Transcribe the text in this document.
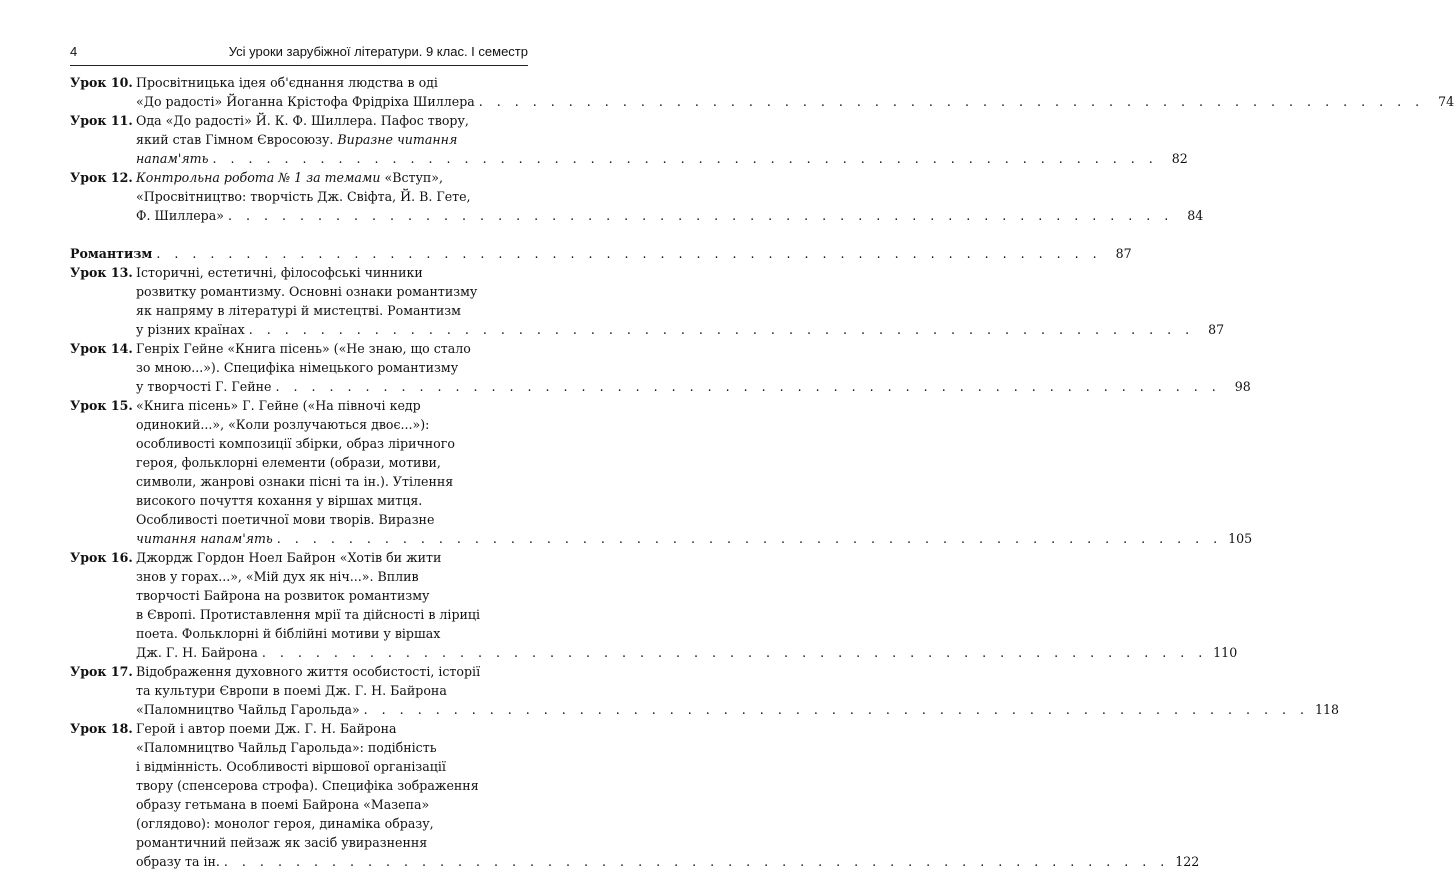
4	Усі уроки зарубіжної літератури. 9 клас. I семестр
Урок 10. Просвітницька ідея об'єднання людства в оді
«До радості» Йоганна Крістофа Фрідріха Шиллера . . . . . . . . . . . . . . . . . . . . . . . . . . . . . . . . . . . . . . . . . . . . . . . . . . . . . 74
Урок 11. Ода «До радості» Й. К. Ф. Шиллера. Пафос твору,
який став Гімном Євросоюзу. Виразне читання
напам'ять . . . . . . . . . . . . . . . . . . . . . . . . . . . . . . . . . . . . . . . . . . . . . . . . . . . . . 82
Урок 12. Контрольна робота № 1 за темами «Вступ»,
«Просвітництво: творчість Дж. Свіфта, Й. В. Гете,
Ф. Шиллера» . . . . . . . . . . . . . . . . . . . . . . . . . . . . . . . . . . . . . . . . . . . . . . . . . . . . . 84
Романтизм . . . . . . . . . . . . . . . . . . . . . . . . . . . . . . . . . . . . . . . . . . . . . . . . . . . . . 87
Урок 13. Історичні, естетичні, філософські чинники
розвитку романтизму. Основні ознаки романтизму
як напряму в літературі й мистецтві. Романтизм
у різних країнах . . . . . . . . . . . . . . . . . . . . . . . . . . . . . . . . . . . . . . . . . . . . . . . . . . . . . 87
Урок 14. Генріх Гейне «Книга пісень» («Не знаю, що стало
зо мною...»). Специфіка німецького романтизму
у творчості Г. Гейне . . . . . . . . . . . . . . . . . . . . . . . . . . . . . . . . . . . . . . . . . . . . . . . . . . . . . 98
Урок 15. «Книга пісень» Г. Гейне («На півночі кедр
одинокий...», «Коли розлучаються двоє...»):
особливості композиції збірки, образ ліричного
героя, фольклорні елементи (образи, мотиви,
символи, жанрові ознаки пісні та ін.). Утілення
високого почуття кохання у віршах митця.
Особливості поетичної мови творів. Виразне
читання напам'ять . . . . . . . . . . . . . . . . . . . . . . . . . . . . . . . . . . . . . . . . . . . . . . . . . . . . . 105
Урок 16. Джордж Гордон Ноел Байрон «Хотів би жити
знов у горах...», «Мій дух як ніч...». Вплив
творчості Байрона на розвиток романтизму
в Європі. Протиставлення мрії та дійсності в ліриці
поета. Фольклорні й біблійні мотиви у віршах
Дж. Г. Н. Байрона . . . . . . . . . . . . . . . . . . . . . . . . . . . . . . . . . . . . . . . . . . . . . . . . . . . . . 110
Урок 17. Відображення духовного життя особистості, історії
та культури Європи в поемі Дж. Г. Н. Байрона
«Паломництво Чайльд Гарольда» . . . . . . . . . . . . . . . . . . . . . . . . . . . . . . . . . . . . . . . . . . . . . . . . . . . . . 118
Урок 18. Герой і автор поеми Дж. Г. Н. Байрона
«Паломництво Чайльд Гарольда»: подібність
і відмінність. Особливості віршової організації
твору (спенсерова строфа). Специфіка зображення
образу гетьмана в поемі Байрона «Мазепа»
(оглядово): монолог героя, динаміка образу,
романтичний пейзаж як засіб увиразнення
образу та ін. . . . . . . . . . . . . . . . . . . . . . . . . . . . . . . . . . . . . . . . . . . . . . . . . . . . . . 122
